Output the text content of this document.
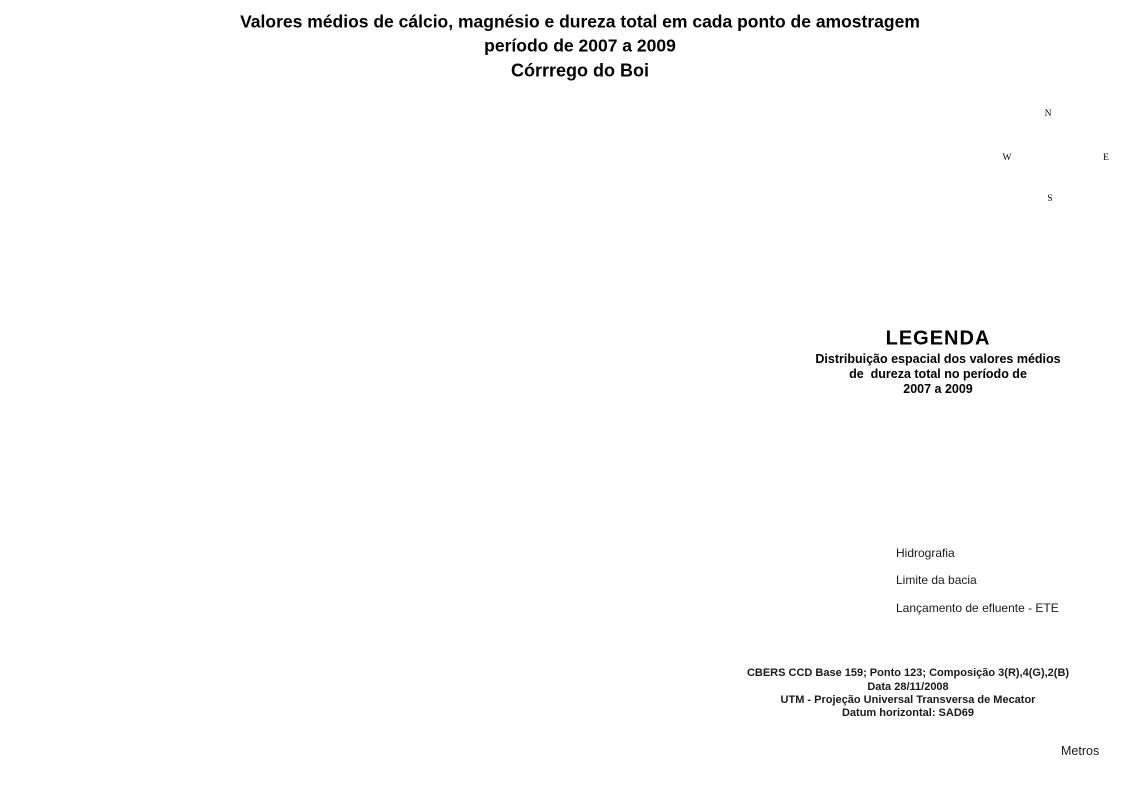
Valores médios de cálcio, magnésio e dureza total em cada ponto de amostragem
período de 2007 a 2009
Córrrego do Boi
LEGENDA
Distribuição espacial dos valores médios
de  dureza total no período de
2007 a 2009
Hidrografia
Limite da bacia
Lançamento de efluente - ETE
CBERS CCD Base 159; Ponto 123; Composição 3(R),4(G),2(B)
Data 28/11/2008
UTM - Projeção Universal Transversa de Mecator
Datum horizontal: SAD69
Metros
N
S
E
W
